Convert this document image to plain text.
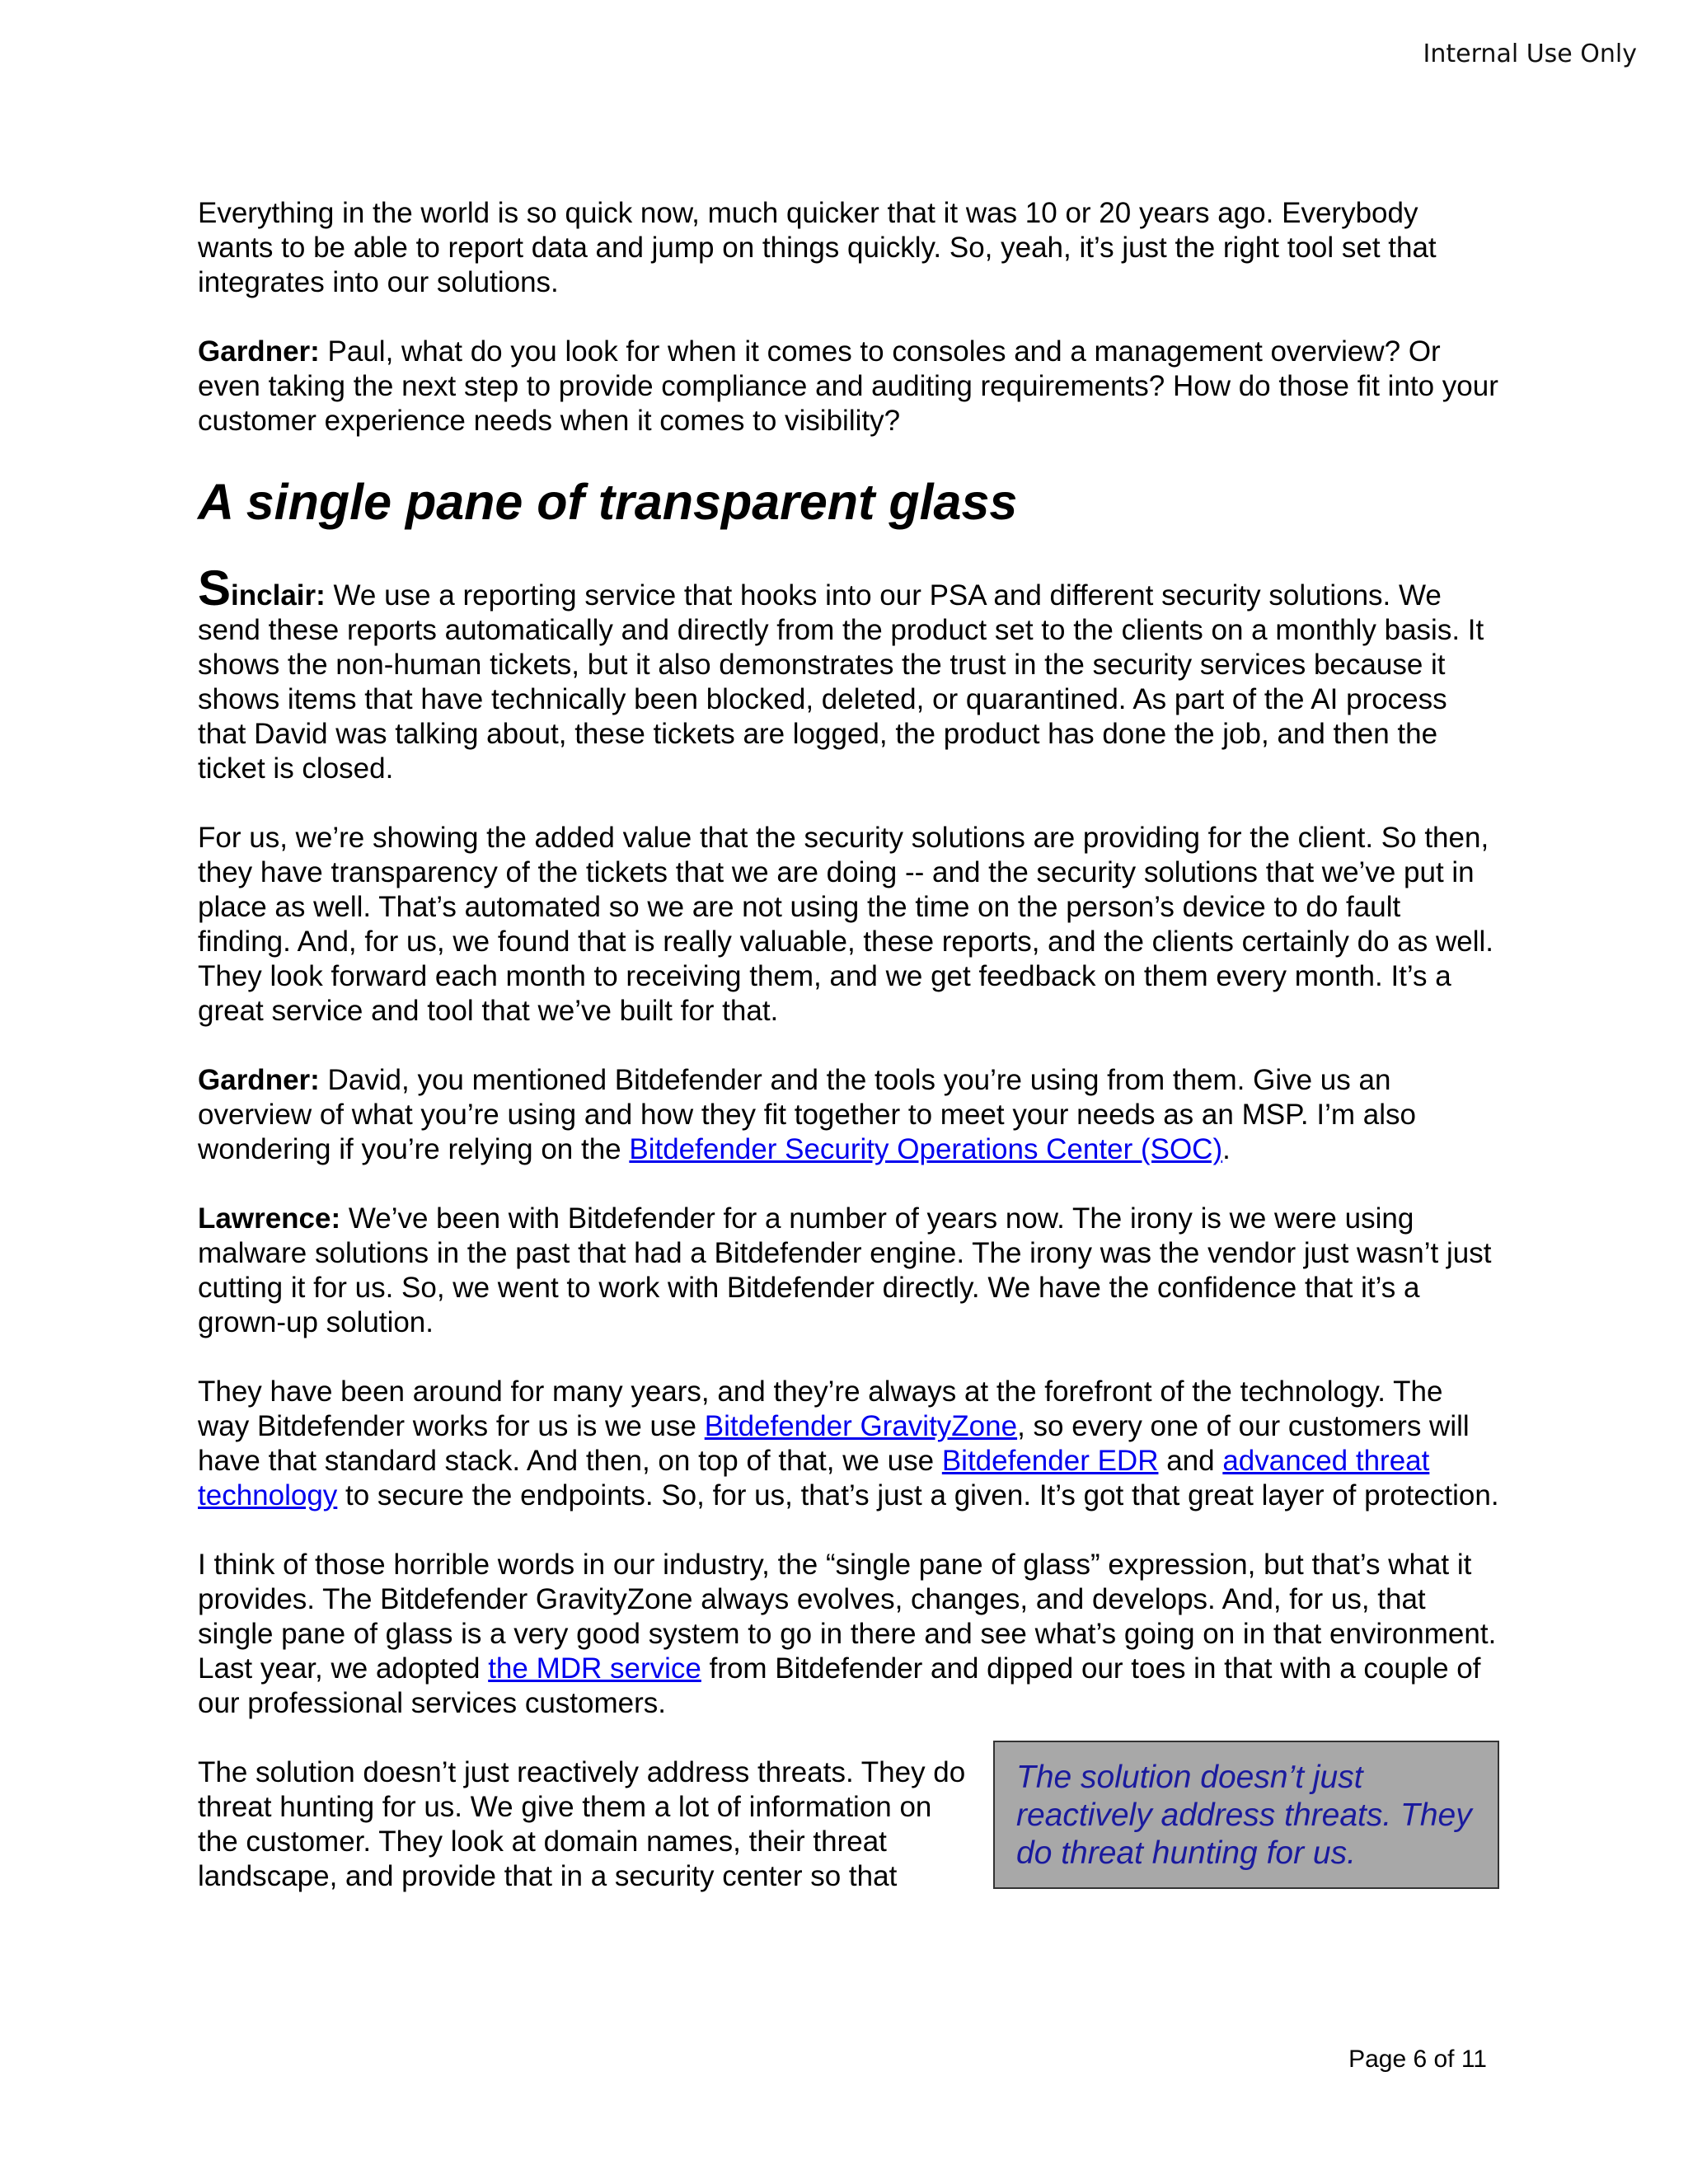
Internal Use Only

Everything in the world is so quick now, much quicker that it was 10 or 20 years ago. Everybody wants to be able to report data and jump on things quickly. So, yeah, it’s just the right tool set that integrates into our solutions.

Gardner: Paul, what do you look for when it comes to consoles and a management overview? Or even taking the next step to provide compliance and auditing requirements? How do those fit into your customer experience needs when it comes to visibility?

A single pane of transparent glass

Sinclair: We use a reporting service that hooks into our PSA and different security solutions. We send these reports automatically and directly from the product set to the clients on a monthly basis. It shows the non-human tickets, but it also demonstrates the trust in the security services because it shows items that have technically been blocked, deleted, or quarantined. As part of the AI process that David was talking about, these tickets are logged, the product has done the job, and then the ticket is closed.

For us, we’re showing the added value that the security solutions are providing for the client. So then, they have transparency of the tickets that we are doing -- and the security solutions that we’ve put in place as well. That’s automated so we are not using the time on the person’s device to do fault finding. And, for us, we found that is really valuable, these reports, and the clients certainly do as well. They look forward each month to receiving them, and we get feedback on them every month. It’s a great service and tool that we’ve built for that.

Gardner: David, you mentioned Bitdefender and the tools you’re using from them. Give us an overview of what you’re using and how they fit together to meet your needs as an MSP. I’m also wondering if you’re relying on the Bitdefender Security Operations Center (SOC).

Lawrence: We’ve been with Bitdefender for a number of years now. The irony is we were using malware solutions in the past that had a Bitdefender engine. The irony was the vendor just wasn’t just cutting it for us. So, we went to work with Bitdefender directly. We have the confidence that it’s a grown-up solution.

They have been around for many years, and they’re always at the forefront of the technology. The way Bitdefender works for us is we use Bitdefender GravityZone, so every one of our customers will have that standard stack. And then, on top of that, we use Bitdefender EDR and advanced threat technology to secure the endpoints. So, for us, that’s just a given. It’s got that great layer of protection.

I think of those horrible words in our industry, the “single pane of glass” expression, but that’s what it provides. The Bitdefender GravityZone always evolves, changes, and develops. And, for us, that single pane of glass is a very good system to go in there and see what’s going on in that environment. Last year, we adopted the MDR service from Bitdefender and dipped our toes in that with a couple of our professional services customers.

The solution doesn’t just reactively address threats. They do threat hunting for us. We give them a lot of information on the customer. They look at domain names, their threat landscape, and provide that in a security center so that

The solution doesn’t just reactively address threats. They do threat hunting for us.
Page 6 of 11
